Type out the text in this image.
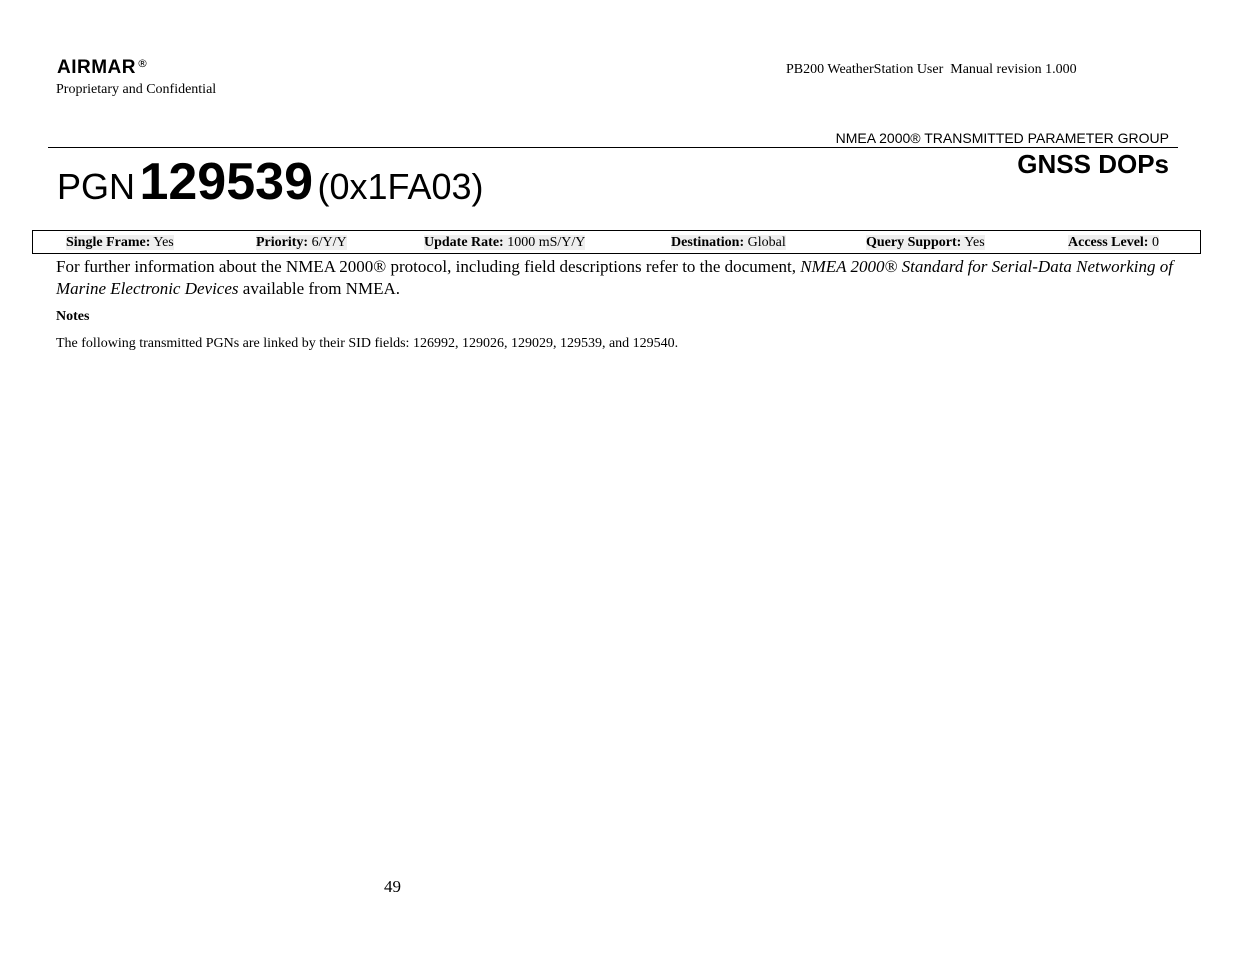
AIRMAR®
Proprietary and Confidential
PB200 WeatherStation User  Manual revision 1.000
NMEA 2000® TRANSMITTED PARAMETER GROUP
PGN 129539 (0x1FA03)
GNSS DOPs
Single Frame: Yes	Priority: 6/Y/Y	Update Rate: 1000 mS/Y/Y	Destination: Global	Query Support: Yes	Access Level: 0
For further information about the NMEA 2000® protocol, including field descriptions refer to the document, NMEA 2000® Standard for Serial-Data Networking of Marine Electronic Devices available from NMEA.
Notes
The following transmitted PGNs are linked by their SID fields: 126992, 129026, 129029, 129539, and 129540.
49
